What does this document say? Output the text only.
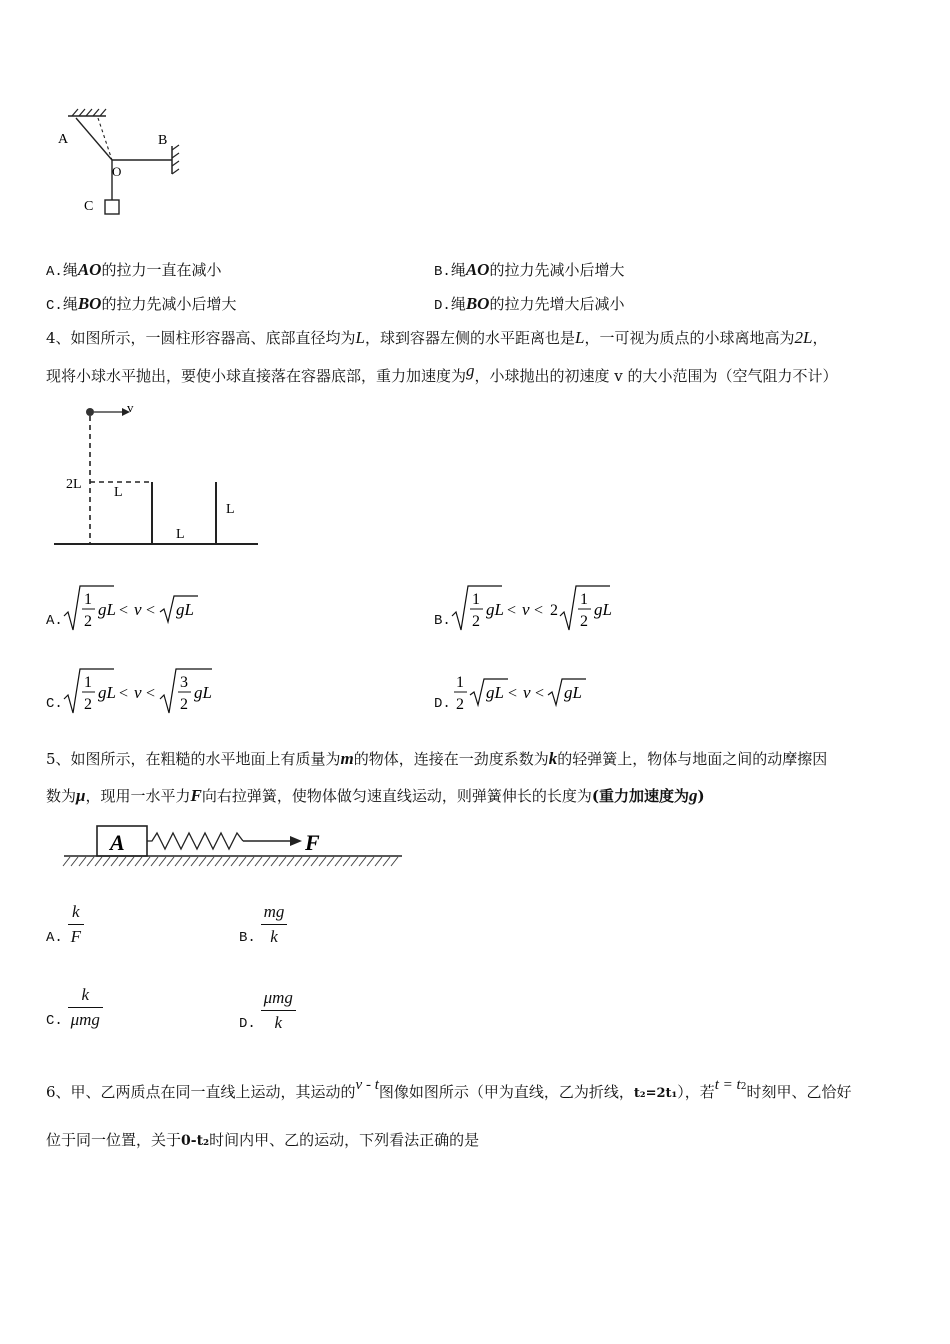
A	B
O
C
A.绳AO的拉力一直在减小	B.绳AO的拉力先减小后增大
C.绳BO的拉力先减小后增大	D.绳BO的拉力先增大后减小
4、如图所示，一圆柱形容器高、底部直径均为L，球到容器左侧的水平距离也是L，一可视为质点的小球离地高为2L，
现将小球水平抛出，要使小球直接落在容器底部，重力加速度为g，小球抛出的初速度 v 的大小范围为（空气阻力不计）
v
2L
L
L
L
A.
1
2
gL < v < gL
B.
1
2
gL < v < 2
1
2
gL
C.
1
2
gL < v <
3
2
gL
D.
1
2
gL < v < gL
5、如图所示，在粗糙的水平地面上有质量为m的物体，连接在一劲度系数为k的轻弹簧上，物体与地面之间的动摩擦因
数为μ，现用一水平力F向右拉弹簧，使物体做匀速直线运动，则弹簧伸长的长度为(重力加速度为g)
A	F
A. $\frac{k}{F}$	B. $\frac{mg}{k}$
C. $\frac{k}{\text{μmg}}$	D. $\frac{\text{μmg}}{k}$
6、甲、乙两质点在同一直线上运动，其运动的v - t图像如图所示（甲为直线，乙为折线，t₂=2t₁），若$t = t_2$时刻甲、乙恰好
位于同一位置，关于0-t₂时间内甲、乙的运动，下列看法正确的是
